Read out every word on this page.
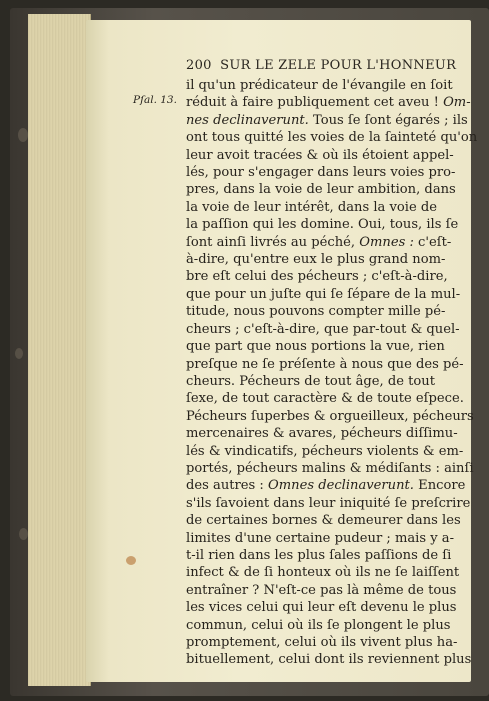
200 SUR LE ZELE POUR L'HONNEUR
Pſal. 13.
il qu'un prédicateur de l'évangile en ſoit
réduit à faire publiquement cet aveu ! Om-
nes declinaverunt. Tous ſe ſont égarés ; ils
ont tous quitté les voies de la ſainteté qu'on
leur avoit tracées & où ils étoient appel-
lés, pour s'engager dans leurs voies pro-
pres, dans la voie de leur ambition, dans
la voie de leur intérêt, dans la voie de
la paſſion qui les domine. Oui, tous, ils ſe
ſont ainſi livrés au péché, Omnes : c'eſt-
à-dire, qu'entre eux le plus grand nom-
bre eſt celui des pécheurs ; c'eſt-à-dire,
que pour un juſte qui ſe ſépare de la mul-
titude, nous pouvons compter mille pé-
cheurs ; c'eſt-à-dire, que par-tout & quel-
que part que nous portions la vue, rien
preſque ne ſe préſente à nous que des pé-
cheurs. Pécheurs de tout âge, de tout
ſexe, de tout caractère & de toute eſpece.
Pécheurs ſuperbes & orgueilleux, pécheurs
mercenaires & avares, pécheurs diſſimu-
lés & vindicatifs, pécheurs violents & em-
portés, pécheurs malins & médiſants : ainſi
des autres : Omnes declinaverunt. Encore
s'ils ſavoient dans leur iniquité ſe preſcrire
de certaines bornes & demeurer dans les
limites d'une certaine pudeur ; mais y a-
t-il rien dans les plus ſales paſſions de ſi
infect & de ſi honteux où ils ne ſe laiſſent
entraîner ? N'eſt-ce pas là même de tous
les vices celui qui leur eſt devenu le plus
commun, celui où ils ſe plongent le plus
promptement, celui où ils vivent plus ha-
bituellement, celui dont ils reviennent plus
